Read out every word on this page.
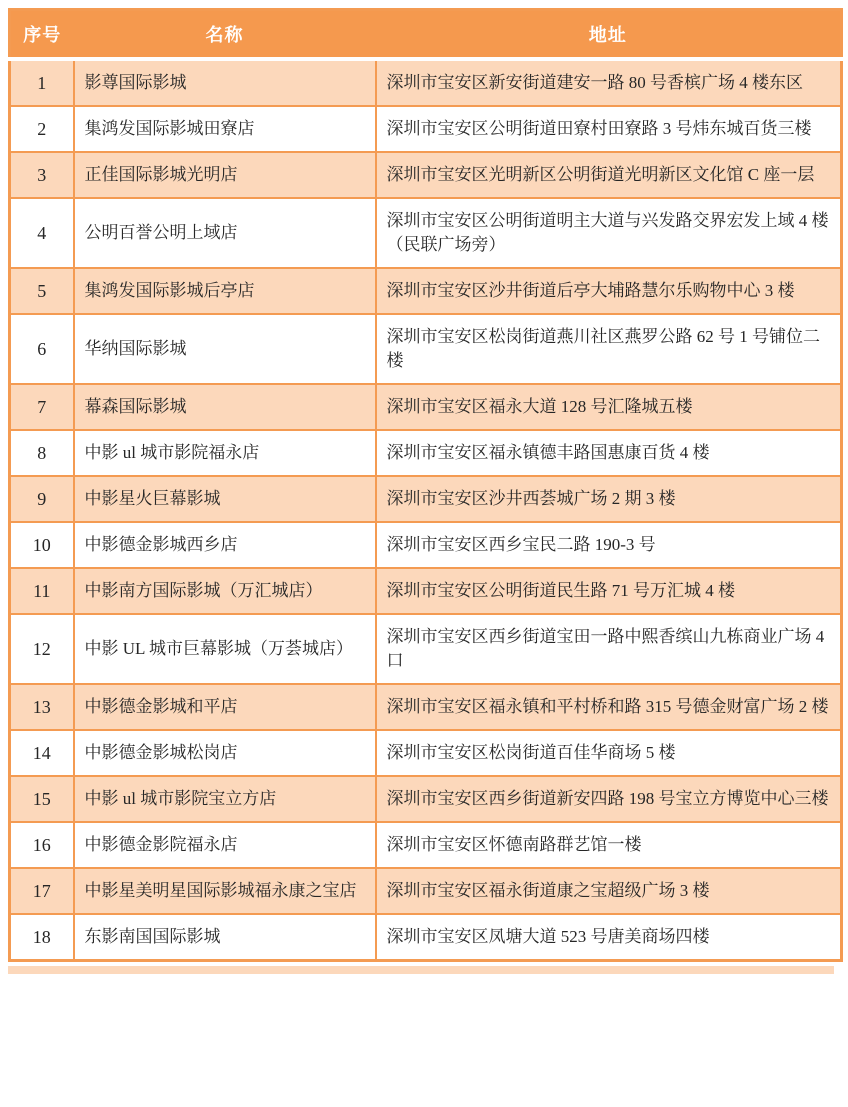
序号	名称	地址
1	影尊国际影城	深圳市宝安区新安街道建安一路 80 号香槟广场 4 楼东区
2	集鸿发国际影城田寮店	深圳市宝安区公明街道田寮村田寮路 3 号炜东城百货三楼
3	正佳国际影城光明店	深圳市宝安区光明新区公明街道光明新区文化馆 C 座一层
4	公明百誉公明上域店	深圳市宝安区公明街道明主大道与兴发路交界宏发上域 4 楼（民联广场旁）
5	集鸿发国际影城后亭店	深圳市宝安区沙井街道后亭大埔路慧尔乐购物中心 3 楼
6	华纳国际影城	深圳市宝安区松岗街道燕川社区燕罗公路 62 号 1 号铺位二楼
7	幕森国际影城	深圳市宝安区福永大道 128 号汇隆城五楼
8	中影 ul 城市影院福永店	深圳市宝安区福永镇德丰路国惠康百货 4 楼
9	中影星火巨幕影城	深圳市宝安区沙井西荟城广场 2 期 3 楼
10	中影德金影城西乡店	深圳市宝安区西乡宝民二路 190-3 号
11	中影南方国际影城（万汇城店）	深圳市宝安区公明街道民生路 71 号万汇城 4 楼
12	中影 UL 城市巨幕影城（万荟城店）	深圳市宝安区西乡街道宝田一路中熙香缤山九栋商业广场 4 口
13	中影德金影城和平店	深圳市宝安区福永镇和平村桥和路 315 号德金财富广场 2 楼
14	中影德金影城松岗店	深圳市宝安区松岗街道百佳华商场 5 楼
15	中影 ul 城市影院宝立方店	深圳市宝安区西乡街道新安四路 198 号宝立方博览中心三楼
16	中影德金影院福永店	深圳市宝安区怀德南路群艺馆一楼
17	中影星美明星国际影城福永康之宝店	深圳市宝安区福永街道康之宝超级广场 3 楼
18	东影南国国际影城	深圳市宝安区凤塘大道 523 号唐美商场四楼
